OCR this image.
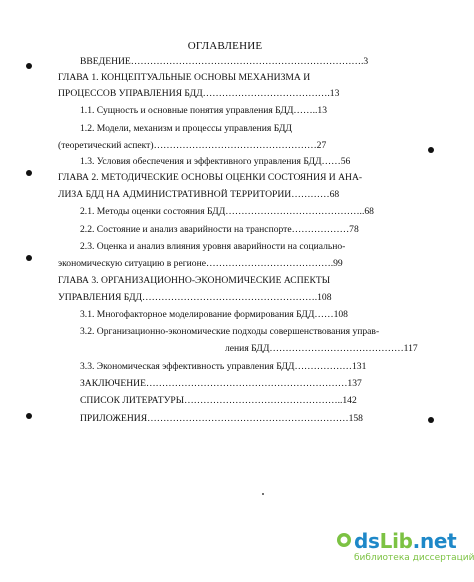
ОГЛАВЛЕНИЕ
ВВЕДЕНИЕ……………………………………………………………….3
ГЛАВА 1. КОНЦЕПТУАЛЬНЫЕ ОСНОВЫ МЕХАНИЗМА И
ПРОЦЕССОВ УПРАВЛЕНИЯ БДД………………………………….13
1.1. Сущность и основные понятия управления БДД……..13
1.2. Модели, механизм и процессы управления БДД
(теоретический аспект)……………………………………………27
1.3. Условия обеспечения и эффективного управления БДД……56
ГЛАВА 2. МЕТОДИЧЕСКИЕ ОСНОВЫ ОЦЕНКИ СОСТОЯНИЯ И АНА-
ЛИЗА БДД НА АДМИНИСТРАТИВНОЙ ТЕРРИТОРИИ…………68
2.1. Методы оценки состояния БДД……………………………………..68
2.2. Состояние и анализ аварийности на транспорте………………78
2.3. Оценка и анализ влияния уровня аварийности на социально-
экономическую ситуацию в регионе………………………………….99
ГЛАВА 3. ОРГАНИЗАЦИОННО-ЭКОНОМИЧЕСКИЕ АСПЕКТЫ
УПРАВЛЕНИЯ БДД……………………………………………….108
3.1. Многофакторное моделирование формирования БДД……108
3.2. Организационно-экономические подходы совершенствования управ-
ления БДД……………………………………117
3.3. Экономическая эффективность управления БДД………………131
ЗАКЛЮЧЕНИЕ………………………………………………………137
СПИСОК ЛИТЕРАТУРЫ…………………………………………..142
ПРИЛОЖЕНИЯ………………………………………………………158
dsLib.net
библиотека диссертаций
